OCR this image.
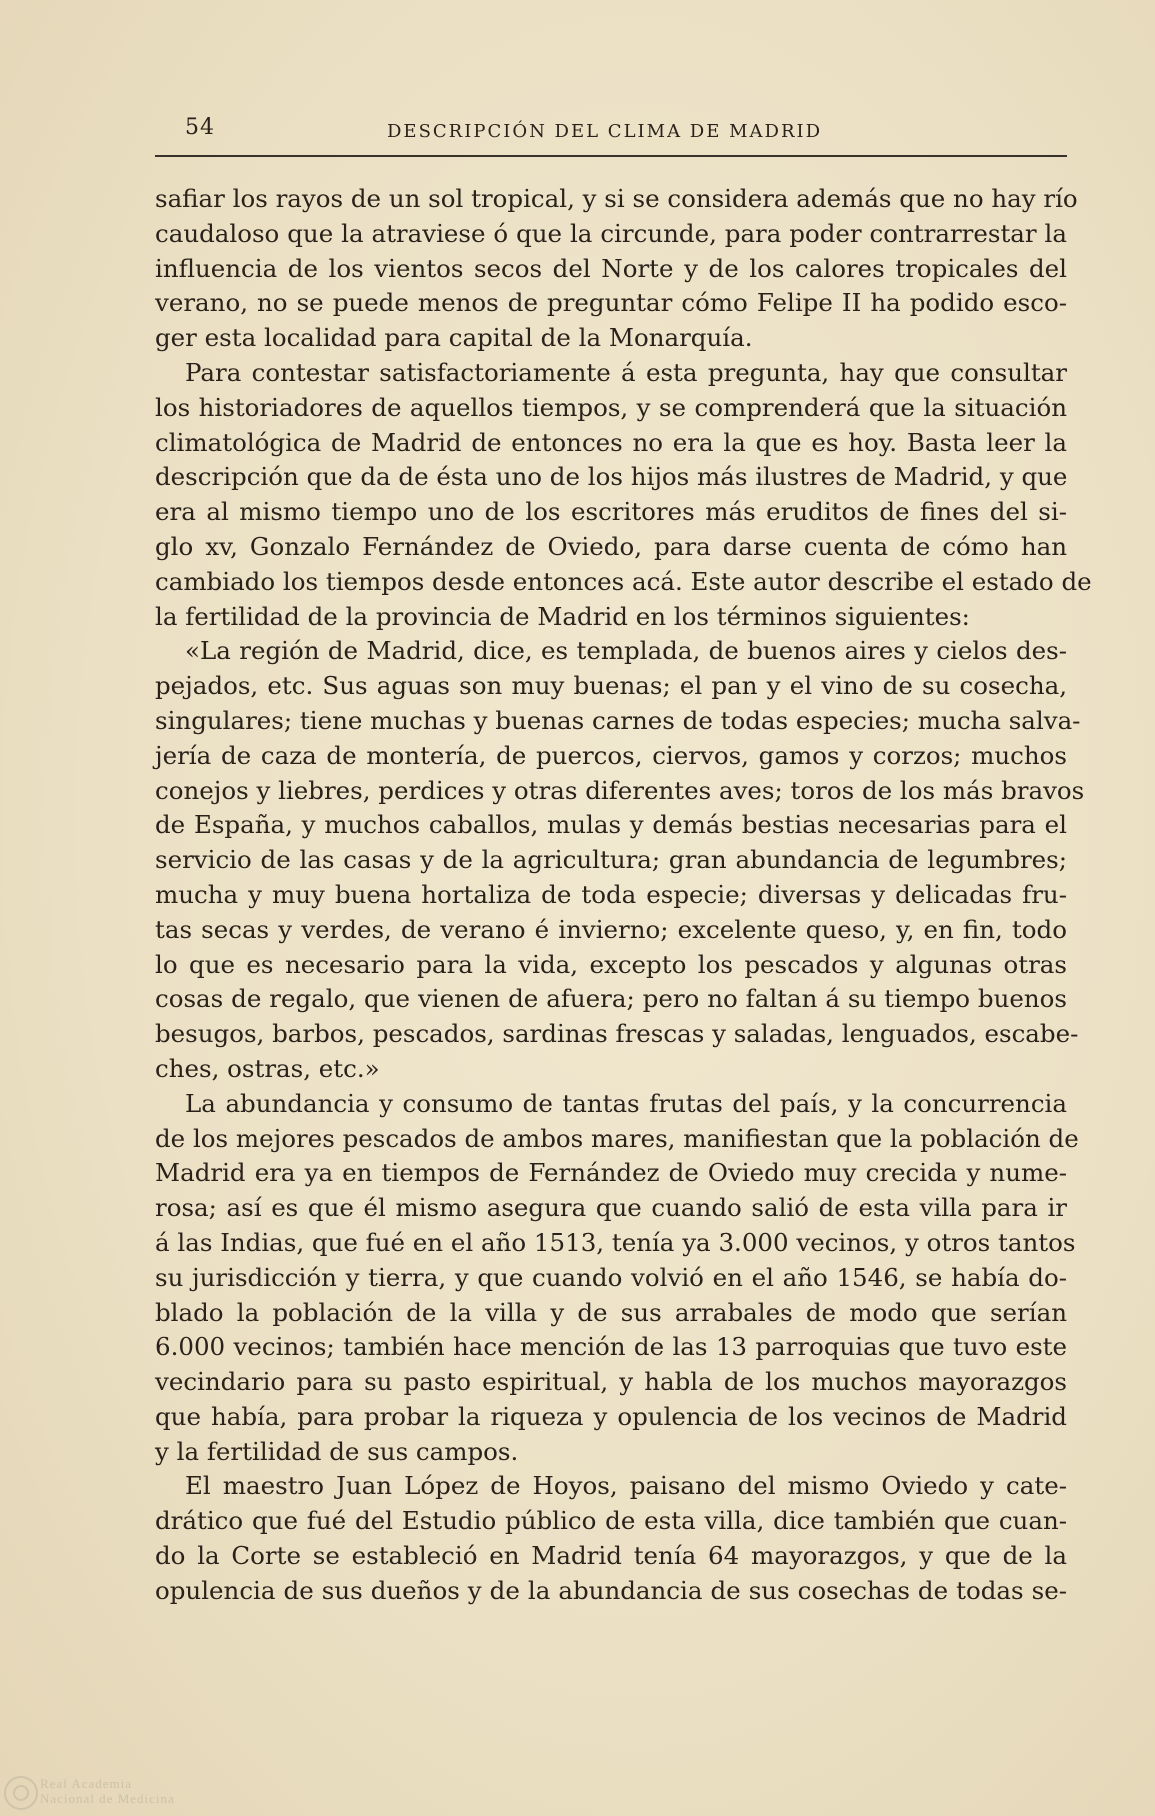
54	DESCRIPCIÓN DEL CLIMA DE MADRID
safiar los rayos de un sol tropical, y si se considera además que no hay río
caudaloso que la atraviese ó que la circunde, para poder contrarrestar la
influencia de los vientos secos del Norte y de los calores tropicales del
verano, no se puede menos de preguntar cómo Felipe II ha podido esco-
ger esta localidad para capital de la Monarquía.
Para contestar satisfactoriamente á esta pregunta, hay que consultar
los historiadores de aquellos tiempos, y se comprenderá que la situación
climatológica de Madrid de entonces no era la que es hoy. Basta leer la
descripción que da de ésta uno de los hijos más ilustres de Madrid, y que
era al mismo tiempo uno de los escritores más eruditos de fines del si-
glo xv, Gonzalo Fernández de Oviedo, para darse cuenta de cómo han
cambiado los tiempos desde entonces acá. Este autor describe el estado de
la fertilidad de la provincia de Madrid en los términos siguientes:
«La región de Madrid, dice, es templada, de buenos aires y cielos des-
pejados, etc. Sus aguas son muy buenas; el pan y el vino de su cosecha,
singulares; tiene muchas y buenas carnes de todas especies; mucha salva-
jería de caza de montería, de puercos, ciervos, gamos y corzos; muchos
conejos y liebres, perdices y otras diferentes aves; toros de los más bravos
de España, y muchos caballos, mulas y demás bestias necesarias para el
servicio de las casas y de la agricultura; gran abundancia de legumbres;
mucha y muy buena hortaliza de toda especie; diversas y delicadas fru-
tas secas y verdes, de verano é invierno; excelente queso, y, en fin, todo
lo que es necesario para la vida, excepto los pescados y algunas otras
cosas de regalo, que vienen de afuera; pero no faltan á su tiempo buenos
besugos, barbos, pescados, sardinas frescas y saladas, lenguados, escabe-
ches, ostras, etc.»
La abundancia y consumo de tantas frutas del país, y la concurrencia
de los mejores pescados de ambos mares, manifiestan que la población de
Madrid era ya en tiempos de Fernández de Oviedo muy crecida y nume-
rosa; así es que él mismo asegura que cuando salió de esta villa para ir
á las Indias, que fué en el año 1513, tenía ya 3.000 vecinos, y otros tantos
su jurisdicción y tierra, y que cuando volvió en el año 1546, se había do-
blado la población de la villa y de sus arrabales de modo que serían
6.000 vecinos; también hace mención de las 13 parroquias que tuvo este
vecindario para su pasto espiritual, y habla de los muchos mayorazgos
que había, para probar la riqueza y opulencia de los vecinos de Madrid
y la fertilidad de sus campos.
El maestro Juan López de Hoyos, paisano del mismo Oviedo y cate-
drático que fué del Estudio público de esta villa, dice también que cuan-
do la Corte se estableció en Madrid tenía 64 mayorazgos, y que de la
opulencia de sus dueños y de la abundancia de sus cosechas de todas se-
Real Academia
Nacional de Medicina
